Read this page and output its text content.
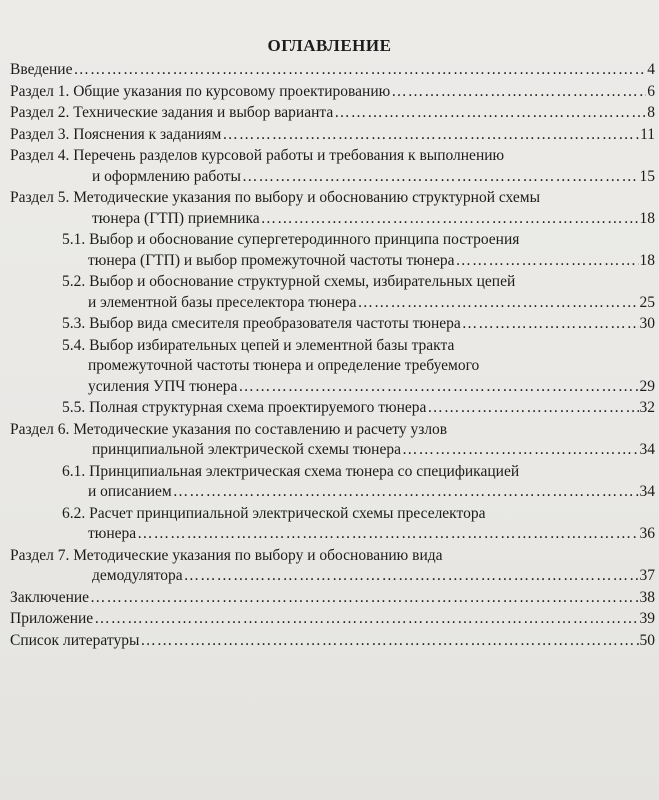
ОГЛАВЛЕНИЕ
Введение ………………………………………………………………………………………………………………………………………	4
Раздел 1. Общие указания по курсовому проектированию ………………………………………………………………………………………………………………………………………	6
Раздел 2. Технические задания и выбор варианта ………………………………………………………………………………………………………………………………………	8
Раздел 3. Пояснения к заданиям ………………………………………………………………………………………………………………………………………	11
Раздел 4. Перечень разделов курсовой работы и требования к выполнению
и оформлению работы ………………………………………………………………………………………………………………………………………	15
Раздел 5. Методические указания по выбору и обоснованию структурной схемы
тюнера (ГТП) приемника ………………………………………………………………………………………………………………………………………	18
5.1. Выбор и обоснование супергетеродинного принципа построения
тюнера (ГТП) и выбор промежуточной частоты тюнера ………………………………………………………………………………………………………………………………………	18
5.2. Выбор и обоснование структурной схемы, избирательных цепей
и элементной базы преселектора тюнера ………………………………………………………………………………………………………………………………………	25
5.3. Выбор вида смесителя преобразователя частоты тюнера ………………………………………………………………………………………………………………………………………	30
5.4. Выбор избирательных цепей и элементной базы тракта
промежуточной частоты тюнера и определение требуемого
усиления УПЧ тюнера ………………………………………………………………………………………………………………………………………	29
5.5. Полная структурная схема проектируемого тюнера ………………………………………………………………………………………………………………………………………	32
Раздел 6. Методические указания по составлению и расчету узлов
принципиальной электрической схемы тюнера ………………………………………………………………………………………………………………………………………	34
6.1. Принципиальная электрическая схема тюнера со спецификацией
и описанием ………………………………………………………………………………………………………………………………………	34
6.2. Расчет принципиальной электрической схемы преселектора
тюнера ………………………………………………………………………………………………………………………………………	36
Раздел 7. Методические указания по выбору и обоснованию вида
демодулятора ………………………………………………………………………………………………………………………………………	37
Заключение ………………………………………………………………………………………………………………………………………	38
Приложение ………………………………………………………………………………………………………………………………………	39
Список литературы ………………………………………………………………………………………………………………………………………	50
